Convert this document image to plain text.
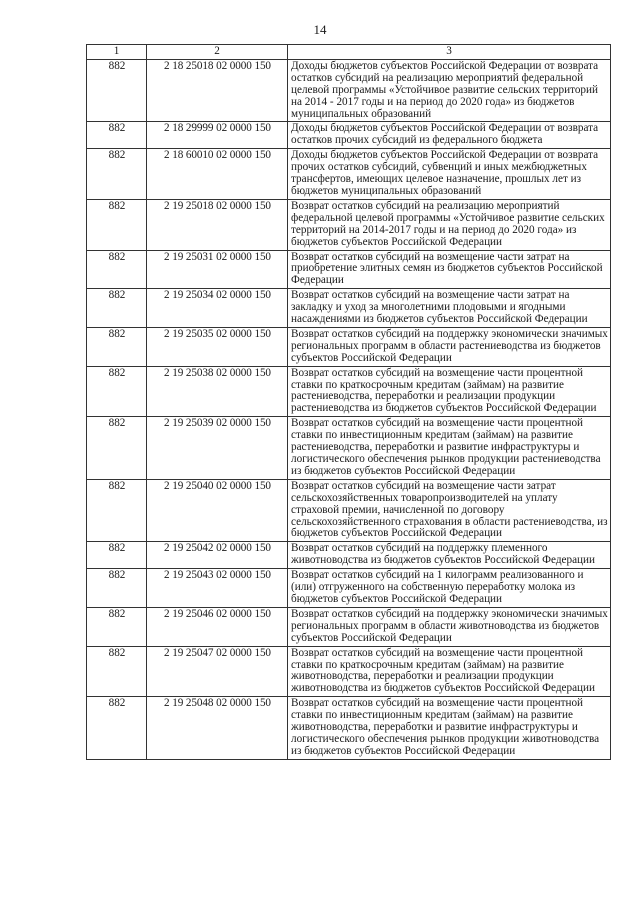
14
1	2	3
882	2 18 25018 02 0000 150	Доходы бюджетов субъектов Российской Федерации от возврата остатков субсидий на реализацию мероприятий федеральной целевой программы «Устойчивое развитие сельских территорий на 2014 - 2017 годы и на период до 2020 года» из бюджетов муниципальных образований
882	2 18 29999 02 0000 150	Доходы бюджетов субъектов Российской Федерации от возврата остатков прочих субсидий из федерального бюджета
882	2 18 60010 02 0000 150	Доходы бюджетов субъектов Российской Федерации от возврата прочих остатков субсидий, субвенций и иных межбюджетных трансфертов, имеющих целевое назначение, прошлых лет из бюджетов муниципальных образований
882	2 19 25018 02 0000 150	Возврат остатков субсидий на реализацию мероприятий федеральной целевой программы «Устойчивое развитие сельских территорий на 2014-2017 годы и на период до 2020 года» из бюджетов субъектов Российской Федерации
882	2 19 25031 02 0000 150	Возврат остатков субсидий на возмещение части затрат на приобретение элитных семян из бюджетов субъектов Российской Федерации
882	2 19 25034 02 0000 150	Возврат остатков субсидий на возмещение части затрат на закладку и уход за многолетними плодовыми и ягодными насаждениями из бюджетов субъектов Российской Федерации
882	2 19 25035 02 0000 150	Возврат остатков субсидий на поддержку экономически значимых региональных программ в области растениеводства из бюджетов субъектов Российской Федерации
882	2 19 25038 02 0000 150	Возврат остатков субсидий на возмещение части процентной ставки по краткосрочным кредитам (займам) на развитие растениеводства, переработки и реализации продукции растениеводства из бюджетов субъектов Российской Федерации
882	2 19 25039 02 0000 150	Возврат остатков субсидий на возмещение части процентной ставки по инвестиционным кредитам (займам) на развитие растениеводства, переработки и развитие инфраструктуры и логистического обеспечения рынков продукции растениеводства из бюджетов субъектов Российской Федерации
882	2 19 25040 02 0000 150	Возврат остатков субсидий на возмещение части затрат сельскохозяйственных товаропроизводителей на уплату страховой премии, начисленной по договору сельскохозяйственного страхования в области растениеводства, из бюджетов субъектов Российской Федерации
882	2 19 25042 02 0000 150	Возврат остатков субсидий на поддержку племенного животноводства из бюджетов субъектов Российской Федерации
882	2 19 25043 02 0000 150	Возврат остатков субсидий на 1 килограмм реализованного и (или) отгруженного на собственную переработку молока из бюджетов субъектов Российской Федерации
882	2 19 25046 02 0000 150	Возврат остатков субсидий на поддержку экономически значимых региональных программ в области животноводства из бюджетов субъектов Российской Федерации
882	2 19 25047 02 0000 150	Возврат остатков субсидий на возмещение части процентной ставки по краткосрочным кредитам (займам) на развитие животноводства, переработки и реализации продукции животноводства из бюджетов субъектов Российской Федерации
882	2 19 25048 02 0000 150	Возврат остатков субсидий на возмещение части процентной ставки по инвестиционным кредитам (займам) на развитие животноводства, переработки и развитие инфраструктуры и логистического обеспечения рынков продукции животноводства из бюджетов субъектов Российской Федерации
